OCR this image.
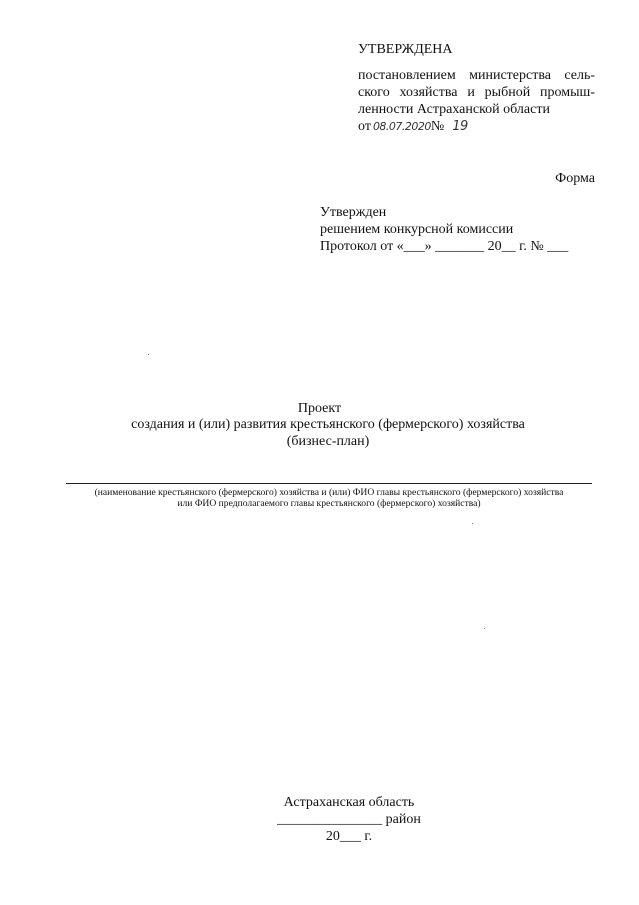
УТВЕРЖДЕНА
постановлением министерства сель-
ского хозяйства и рыбной промыш-
ленности Астраханской области
от 08.07.2020№ 19
Форма
Утвержден
решением конкурсной комиссии
Протокол от «___» _______ 20__ г. № ___
Проект
создания и (или) развития крестьянского (фермерского) хозяйства
(бизнес-план)
(наименование крестьянского (фермерского) хозяйства и (или) ФИО главы крестьянского (фермерского) хозяйства
или ФИО предполагаемого главы крестьянского (фермерского) хозяйства)
Астраханская область
_______________ район
20___ г.
